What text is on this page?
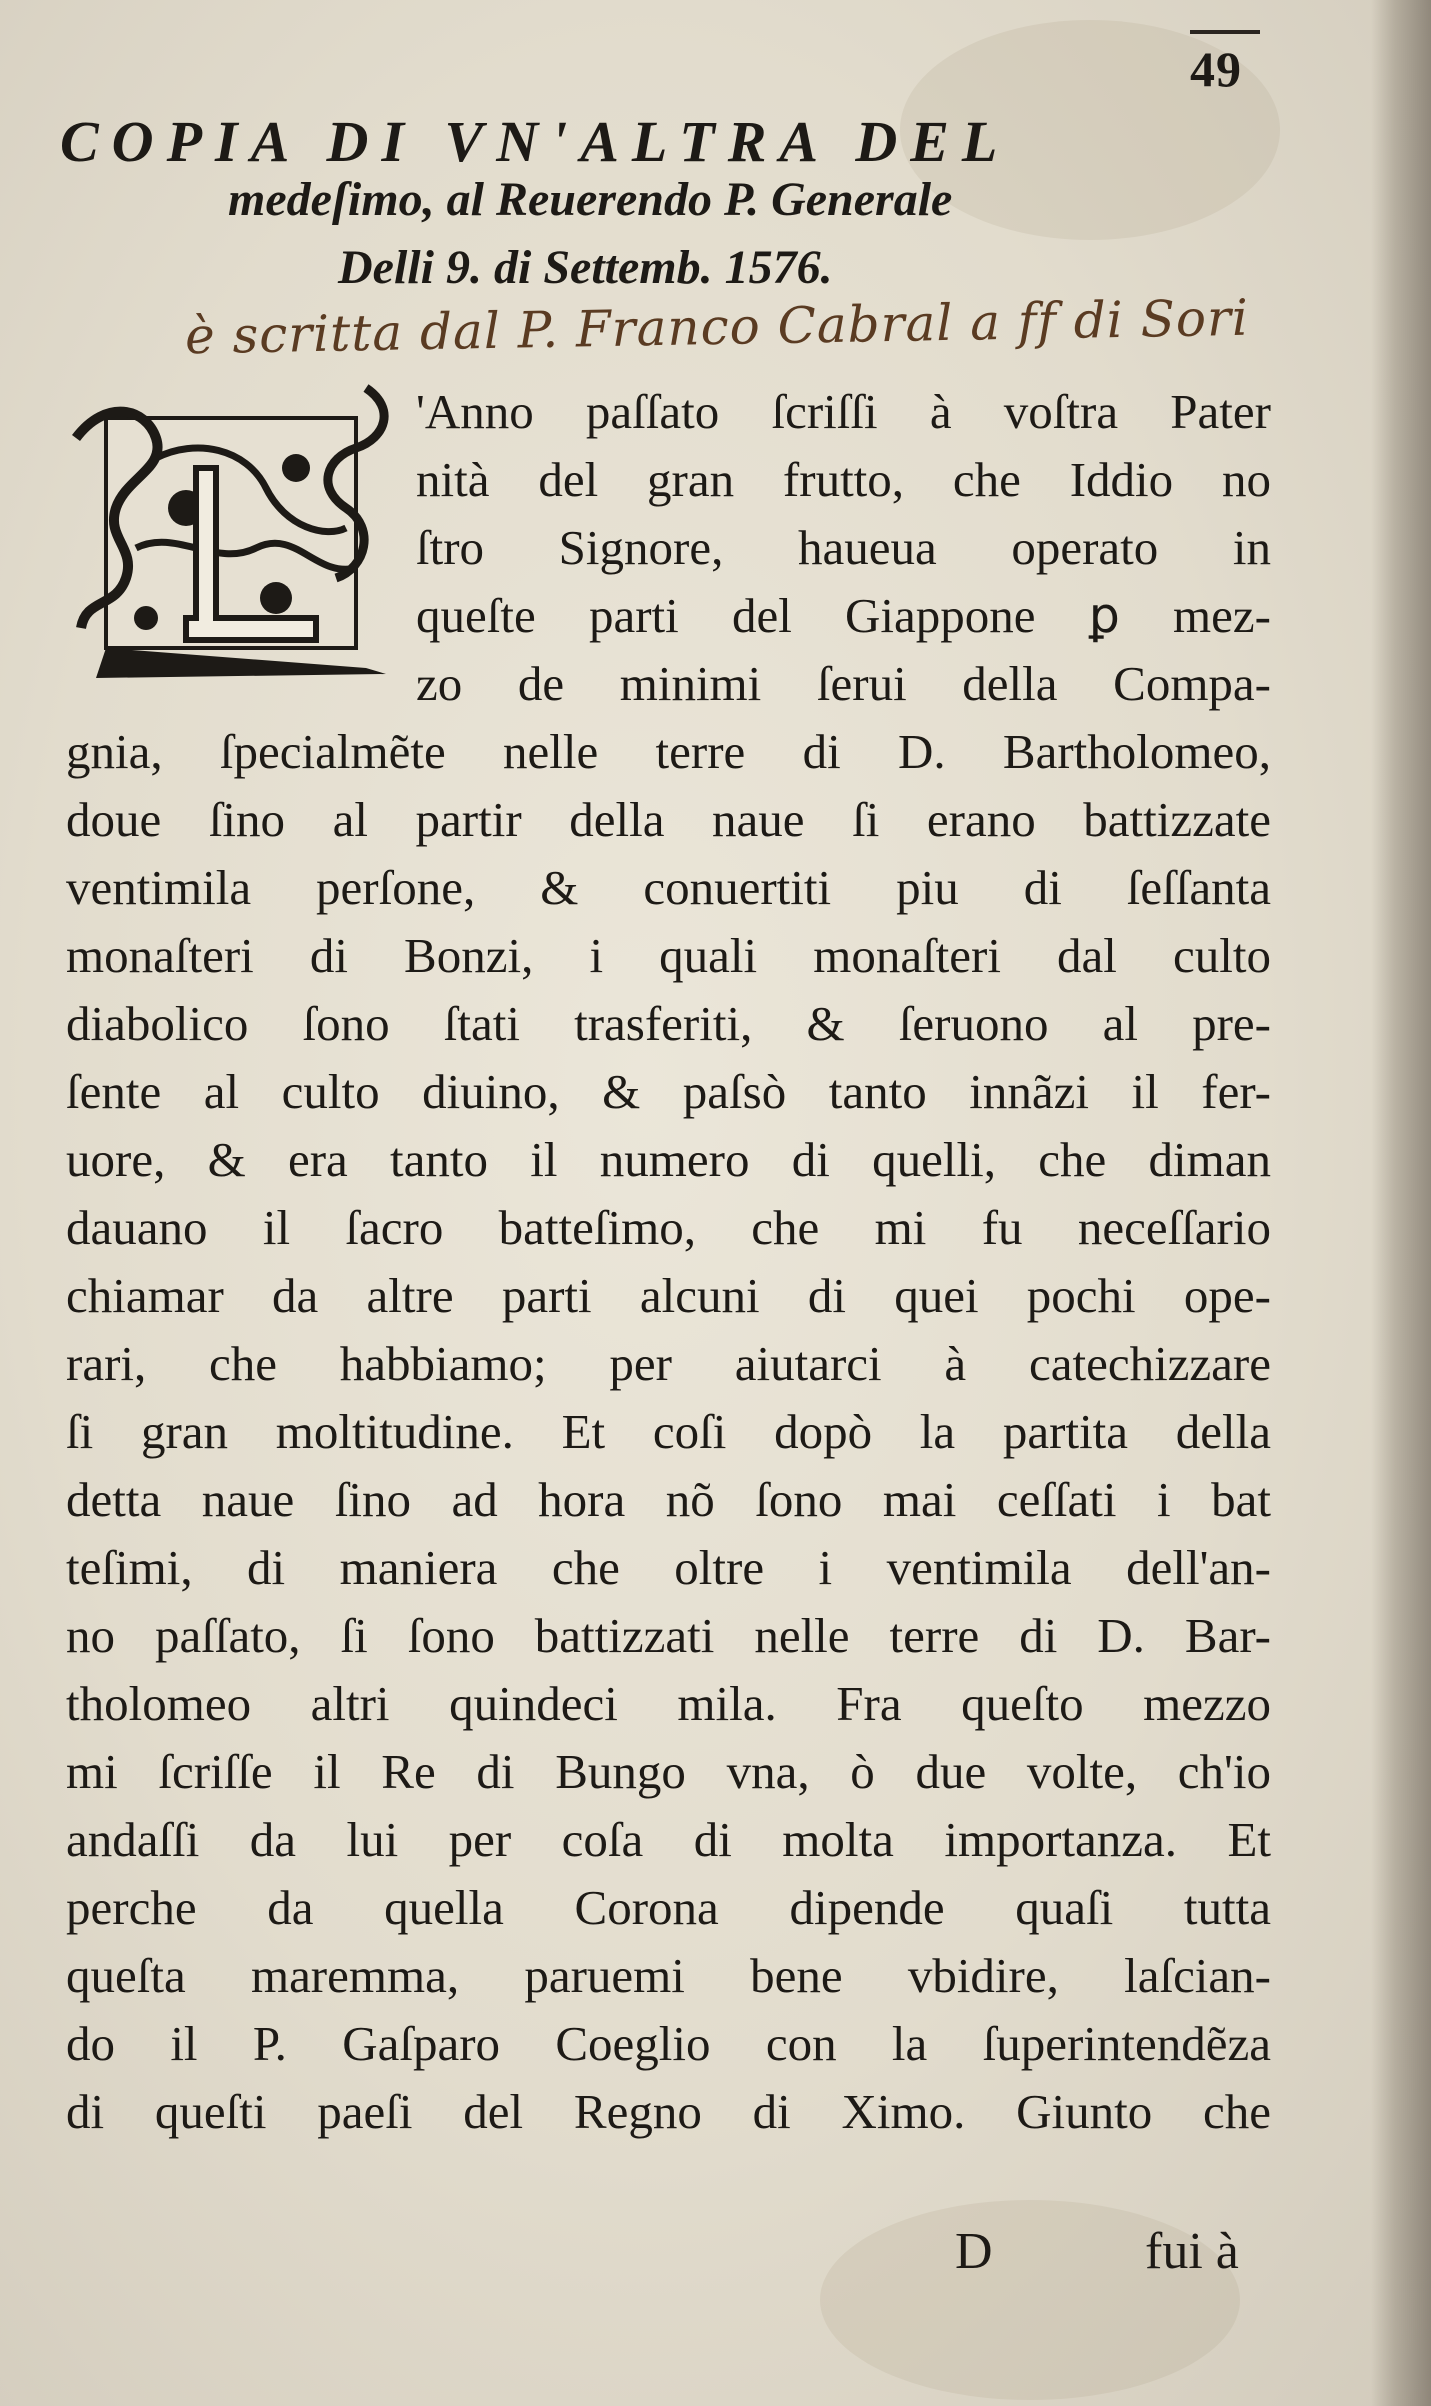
49
COPIA DI VN'ALTRA DEL
medeſimo, al Reuerendo P. Generale
Delli 9. di Settemb. 1576.
è scritta dal P. Franco Cabral a ff di Sori
L
'Anno paſſato ſcriſſi à voſtra Pater
nità del gran frutto, che Iddio no
ſtro Signore, haueua operato in
queſte parti del Giappone ꝑ mez-
zo de minimi ſerui della Compa-
gnia, ſpecialmẽte nelle terre di D. Bartholomeo,
doue ſino al partir della naue ſi erano battizzate
ventimila perſone, & conuertiti piu di ſeſſanta
monaſteri di Bonzi, i quali monaſteri dal culto
diabolico ſono ſtati trasferiti, & ſeruono al pre-
ſente al culto diuino, & paſsò tanto innãzi il fer-
uore, & era tanto il numero di quelli, che diman
dauano il ſacro batteſimo, che mi fu neceſſario
chiamar da altre parti alcuni di quei pochi ope-
rari, che habbiamo; per aiutarci à catechizzare
ſi gran moltitudine. Et coſi dopò la partita della
detta naue ſino ad hora nõ ſono mai ceſſati i bat
teſimi, di maniera che oltre i ventimila dell'an-
no paſſato, ſi ſono battizzati nelle terre di D. Bar-
tholomeo altri quindeci mila. Fra queſto mezzo
mi ſcriſſe il Re di Bungo vna, ò due volte, ch'io
andaſſi da lui per coſa di molta importanza. Et
perche da quella Corona dipende quaſi tutta
queſta maremma, paruemi bene vbidire, laſcian-
do il P. Gaſparo Coeglio con la ſuperintendẽza
di queſti paeſi del Regno di Ximo. Giunto che
D	fui à
